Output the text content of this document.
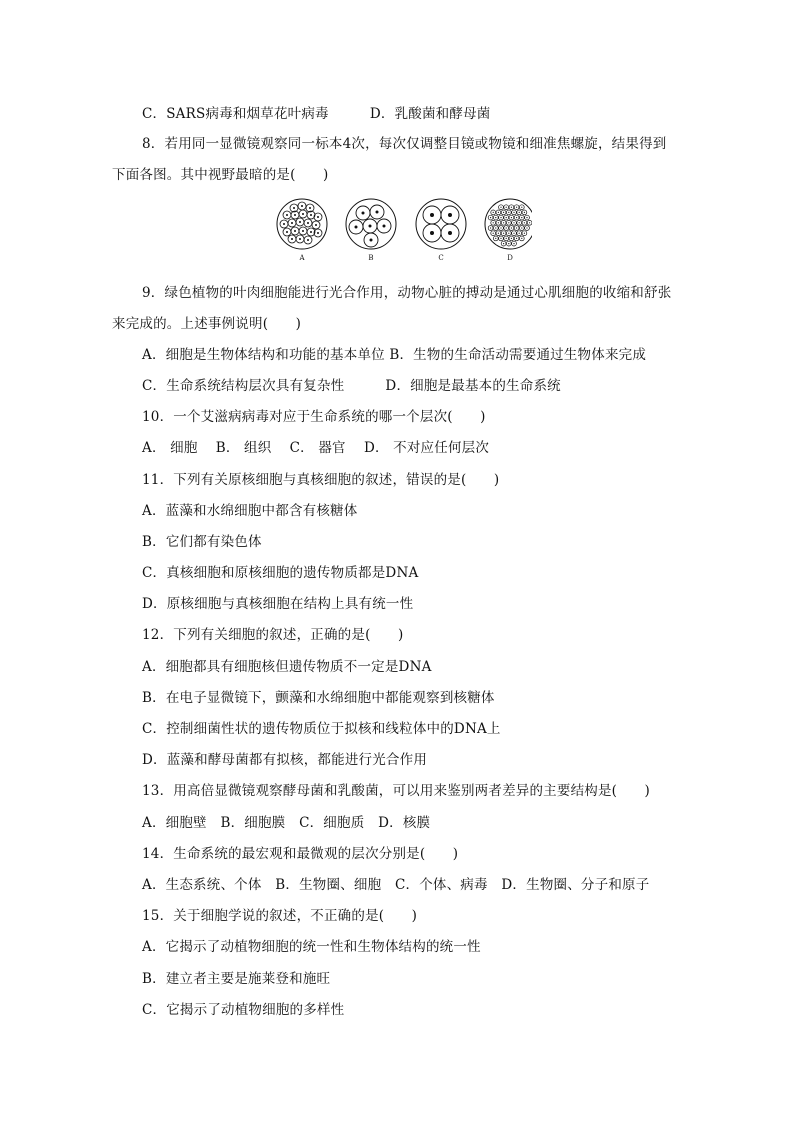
C．SARS病毒和烟草花叶病毒　　　D．乳酸菌和酵母菌
8．若用同一显微镜观察同一标本4次，每次仅调整目镜或物镜和细准焦螺旋，结果得到
下面各图。其中视野最暗的是(　　)
A	B	C	D
9．绿色植物的叶肉细胞能进行光合作用，动物心脏的搏动是通过心肌细胞的收缩和舒张
来完成的。上述事例说明(　　)
A．细胞是生物体结构和功能的基本单位 B．生物的生命活动需要通过生物体来完成
C．生命系统结构层次具有复杂性　　　D．细胞是最基本的生命系统
10．一个艾滋病病毒对应于生命系统的哪一个层次(　　)
A． 细胞　 B． 组织　 C． 器官　 D． 不对应任何层次
11．下列有关原核细胞与真核细胞的叙述，错误的是(　　)
A．蓝藻和水绵细胞中都含有核糖体
B．它们都有染色体
C．真核细胞和原核细胞的遗传物质都是DNA
D．原核细胞与真核细胞在结构上具有统一性
12．下列有关细胞的叙述，正确的是(　　)
A．细胞都具有细胞核但遗传物质不一定是DNA
B．在电子显微镜下，颤藻和水绵细胞中都能观察到核糖体
C．控制细菌性状的遗传物质位于拟核和线粒体中的DNA上
D．蓝藻和酵母菌都有拟核，都能进行光合作用
13．用高倍显微镜观察酵母菌和乳酸菌，可以用来鉴别两者差异的主要结构是(　　)
A．细胞壁　B．细胞膜　C．细胞质　D．核膜
14．生命系统的最宏观和最微观的层次分别是(　　)
A．生态系统、个体　B．生物圈、细胞　C．个体、病毒　D．生物圈、分子和原子
15．关于细胞学说的叙述，不正确的是(　　)
A．它揭示了动植物细胞的统一性和生物体结构的统一性
B．建立者主要是施莱登和施旺
C．它揭示了动植物细胞的多样性
